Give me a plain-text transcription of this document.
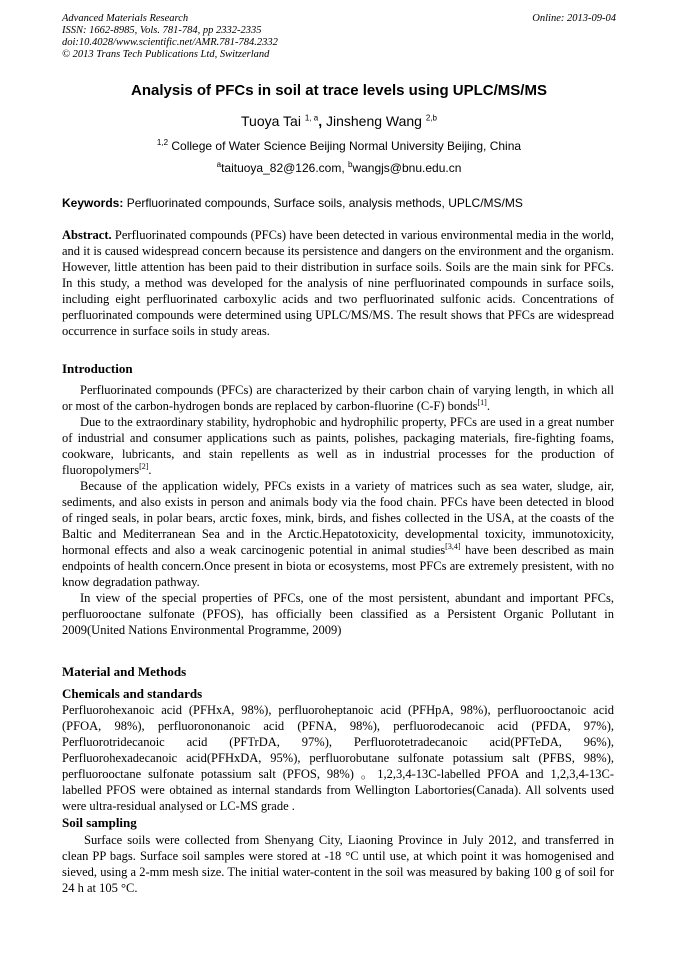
Advanced Materials Research
ISSN: 1662-8985, Vols. 781-784, pp 2332-2335
doi:10.4028/www.scientific.net/AMR.781-784.2332
© 2013 Trans Tech Publications Ltd, Switzerland
Online: 2013-09-04
Analysis of PFCs in soil at trace levels using UPLC/MS/MS
Tuoya Tai $^{1, a}$, Jinsheng Wang $^{2,b}$
$^{1,2}$ College of Water Science Beijing Normal University Beijing, China
$^a$taituoya_82@126.com, $^b$wangjs@bnu.edu.cn
Keywords: Perfluorinated compounds, Surface soils, analysis methods, UPLC/MS/MS
Abstract. Perfluorinated compounds (PFCs) have been detected in various environmental media in the world, and it is caused widespread concern because its persistence and dangers on the environment and the organism. However, little attention has been paid to their distribution in surface soils. Soils are the main sink for PFCs. In this study, a method was developed for the analysis of nine perfluorinated compounds in surface soils, including eight perfluorinated carboxylic acids and two perfluorinated sulfonic acids. Concentrations of perfluorinated compounds were determined using UPLC/MS/MS. The result shows that PFCs are widespread occurrence in surface soils in study areas.
Introduction

Perfluorinated compounds (PFCs) are characterized by their carbon chain of varying length, in which all or most of the carbon-hydrogen bonds are replaced by carbon-fluorine (C-F) bonds[1].

Due to the extraordinary stability, hydrophobic and hydrophilic property, PFCs are used in a great number of industrial and consumer applications such as paints, polishes, packaging materials, fire-fighting foams, cookware, lubricants, and stain repellents as well as in industrial processes for the production of fluoropolymers[2].

Because of the application widely, PFCs exists in a variety of matrices such as sea water, sludge, air, sediments, and also exists in person and animals body via the food chain. PFCs have been detected in blood of ringed seals, in polar bears, arctic foxes, mink, birds, and fishes collected in the USA, at the coasts of the Baltic and Mediterranean Sea and in the Arctic.Hepatotoxicity, developmental toxicity, immunotoxicity, hormonal effects and also a weak carcinogenic potential in animal studies[3,4] have been described as main endpoints of health concern.Once present in biota or ecosystems, most PFCs are extremely presistent, with no know degradation pathway.

In view of the special properties of PFCs, one of the most persistent, abundant and important PFCs, perfluorooctane sulfonate (PFOS), has officially been classified as a Persistent Organic Pollutant in 2009(United Nations Environmental Programme, 2009)

Material and Methods
Chemicals and standards
Perfluorohexanoic acid (PFHxA, 98%), perfluoroheptanoic acid (PFHpA, 98%), perfluorooctanoic acid (PFOA, 98%), perfluorononanoic acid (PFNA, 98%), perfluorodecanoic acid (PFDA, 97%), Perfluorotridecanoic acid (PFTrDA, 97%), Perfluorotetradecanoic acid(PFTeDA, 96%), Perfluorohexadecanoic acid(PFHxDA, 95%), perfluorobutane sulfonate potassium salt (PFBS, 98%), perfluorooctane sulfonate potassium salt (PFOS, 98%) 。1,2,3,4-13C-labelled PFOA and 1,2,3,4-13C-labelled PFOS were obtained as internal standards from Wellington Labortories(Canada). All solvents used were ultra-residual analysed or LC-MS grade .
Soil sampling

Surface soils were collected from Shenyang City, Liaoning Province in July 2012, and transferred in clean PP bags. Surface soil samples were stored at -18 °C until use, at which point it was homogenised and sieved, using a 2-mm mesh size. The initial water-content in the soil was measured by baking 100 g of soil for 24 h at 105 °C.
